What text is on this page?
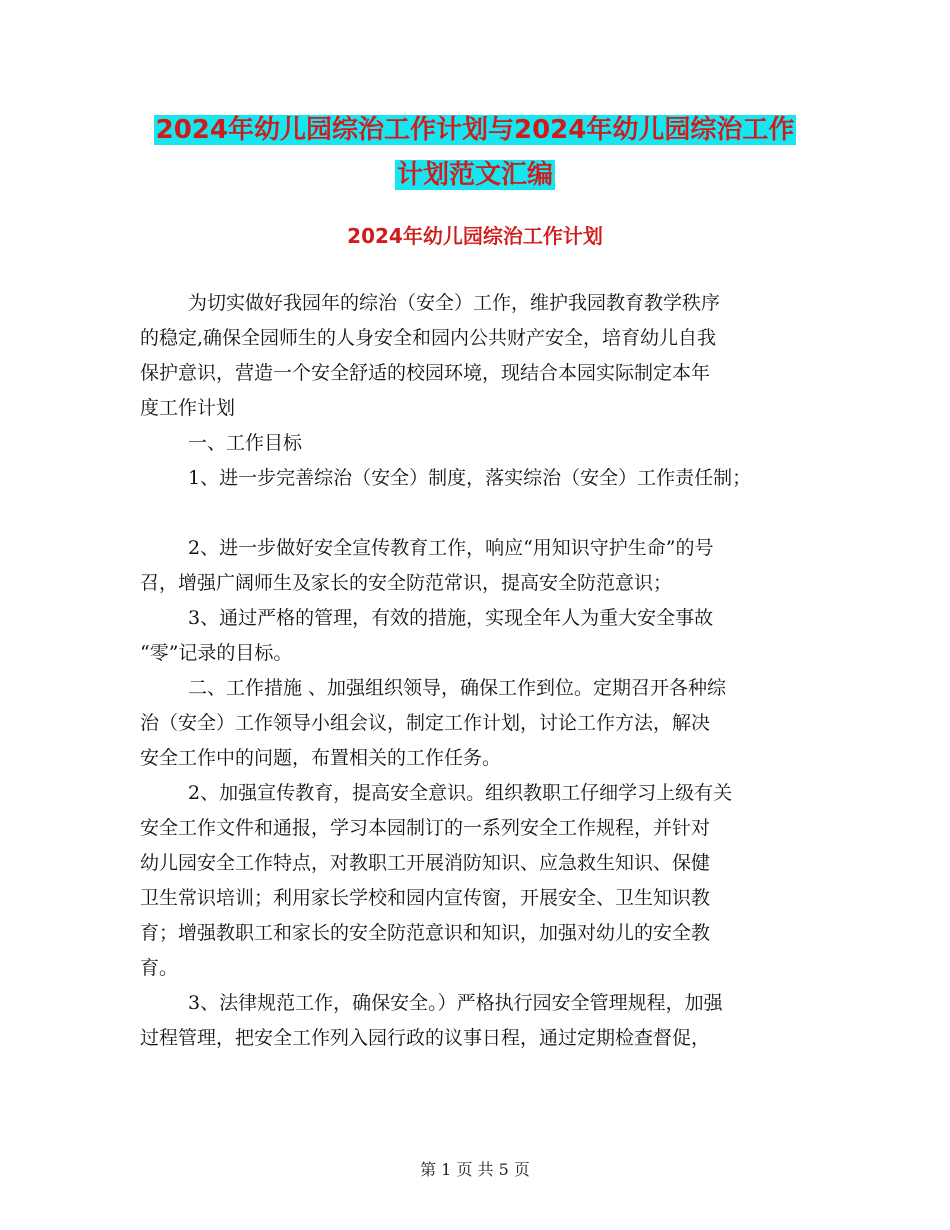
2024年幼儿园综治工作计划与2024年幼儿园综治工作
计划范文汇编
2024年幼儿园综治工作计划
为切实做好我园年的综治（安全）工作，维护我园教育教学秩序
的稳定,确保全园师生的人身安全和园内公共财产安全，培育幼儿自我
保护意识，营造一个安全舒适的校园环境，现结合本园实际制定本年
度工作计划
一、工作目标
1、进一步完善综治（安全）制度，落实综治（安全）工作责任制；
2、进一步做好安全宣传教育工作，响应“用知识守护生命”的号
召，增强广阔师生及家长的安全防范常识，提高安全防范意识；
3、通过严格的管理，有效的措施，实现全年人为重大安全事故
“零”记录的目标。
二、工作措施 、加强组织领导，确保工作到位。定期召开各种综
治（安全）工作领导小组会议，制定工作计划，讨论工作方法，解决
安全工作中的问题，布置相关的工作任务。
2、加强宣传教育，提高安全意识。组织教职工仔细学习上级有关
安全工作文件和通报，学习本园制订的一系列安全工作规程，并针对
幼儿园安全工作特点，对教职工开展消防知识、应急救生知识、保健
卫生常识培训；利用家长学校和园内宣传窗，开展安全、卫生知识教
育；增强教职工和家长的安全防范意识和知识，加强对幼儿的安全教
育。
3、法律规范工作，确保安全。）严格执行园安全管理规程，加强
过程管理，把安全工作列入园行政的议事日程，通过定期检查督促，
第 1 页 共 5 页
